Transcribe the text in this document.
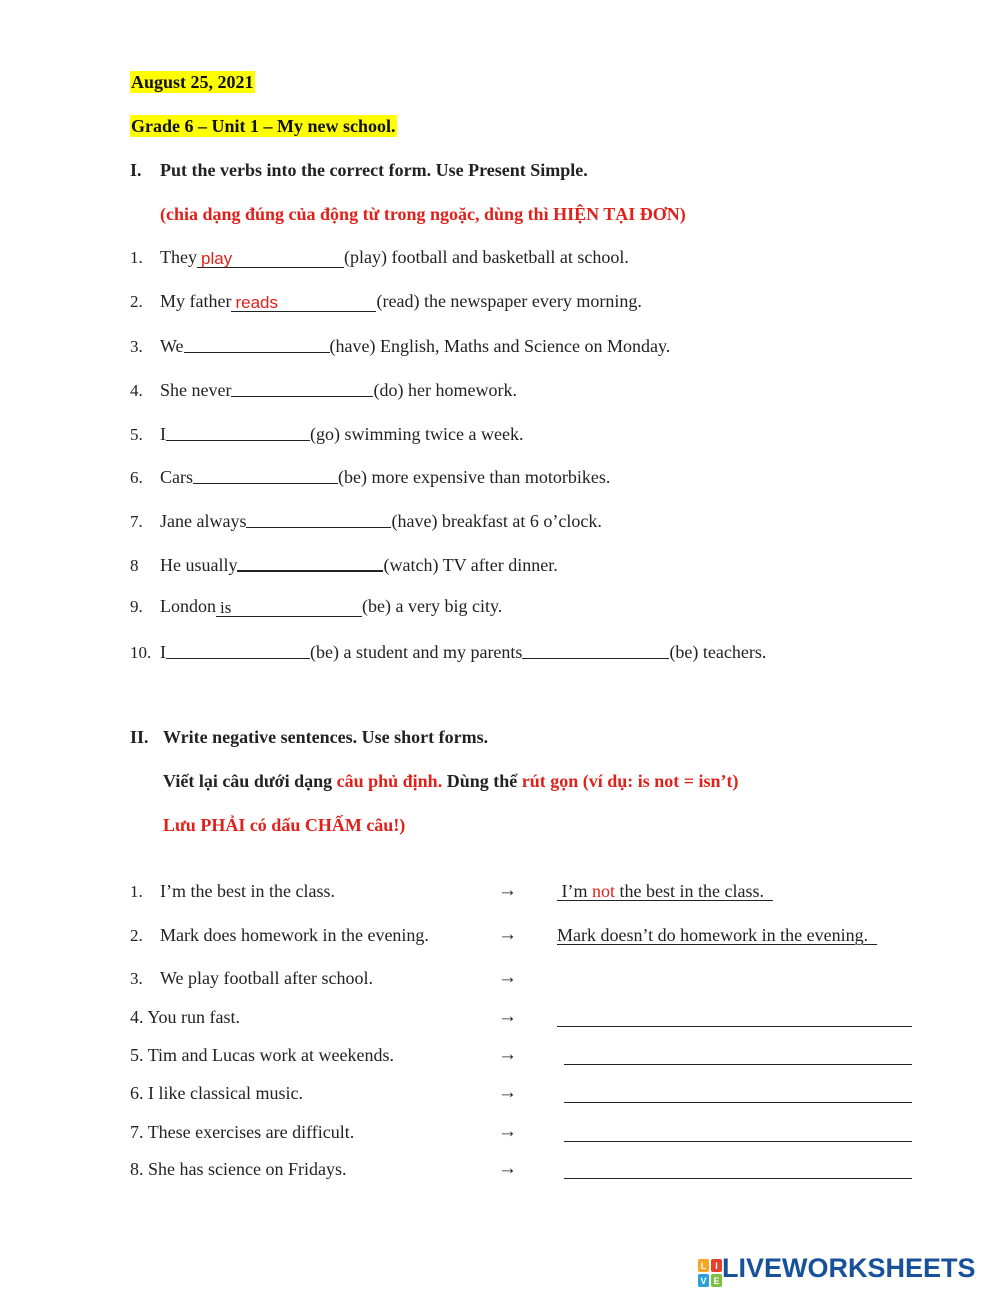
August 25, 2021
Grade 6 – Unit 1 – My new school.
I. Put the verbs into the correct form. Use Present Simple.
(chia dạng đúng của động từ trong ngoặc, dùng thì HIỆN TẠI ĐƠN)
1. They play	(play) football and basketball at school.
2. My father reads	(read) the newspaper every morning.
3. We	(have) English, Maths and Science on Monday.
4. She never	(do) her homework.
5. I	(go) swimming twice a week.
6. Cars	(be) more expensive than motorbikes.
7. Jane always	(have) breakfast at 6 o’clock.
8 He usually	(watch) TV after dinner.
9. London is	(be) a very big city.
10. I	(be) a student and my parents	(be) teachers.
II. Write negative sentences. Use short forms.
Viết lại câu dưới dạng câu phủ định. Dùng thể rút gọn (ví dụ: is not = isn’t)
Lưu PHẢI có dấu CHẤM câu!)
1. I’m the best in the class.	→ I’m not the best in the class.
2. Mark does homework in the evening.	→ Mark doesn’t do homework in the evening.
3. We play football after school.	→
4. You run fast.	→
5. Tim and Lucas work at weekends.	→
6. I like classical music.	→
7. These exercises are difficult.	→
8. She has science on Fridays.	→
L I
V E LIVEWORKSHEETS
